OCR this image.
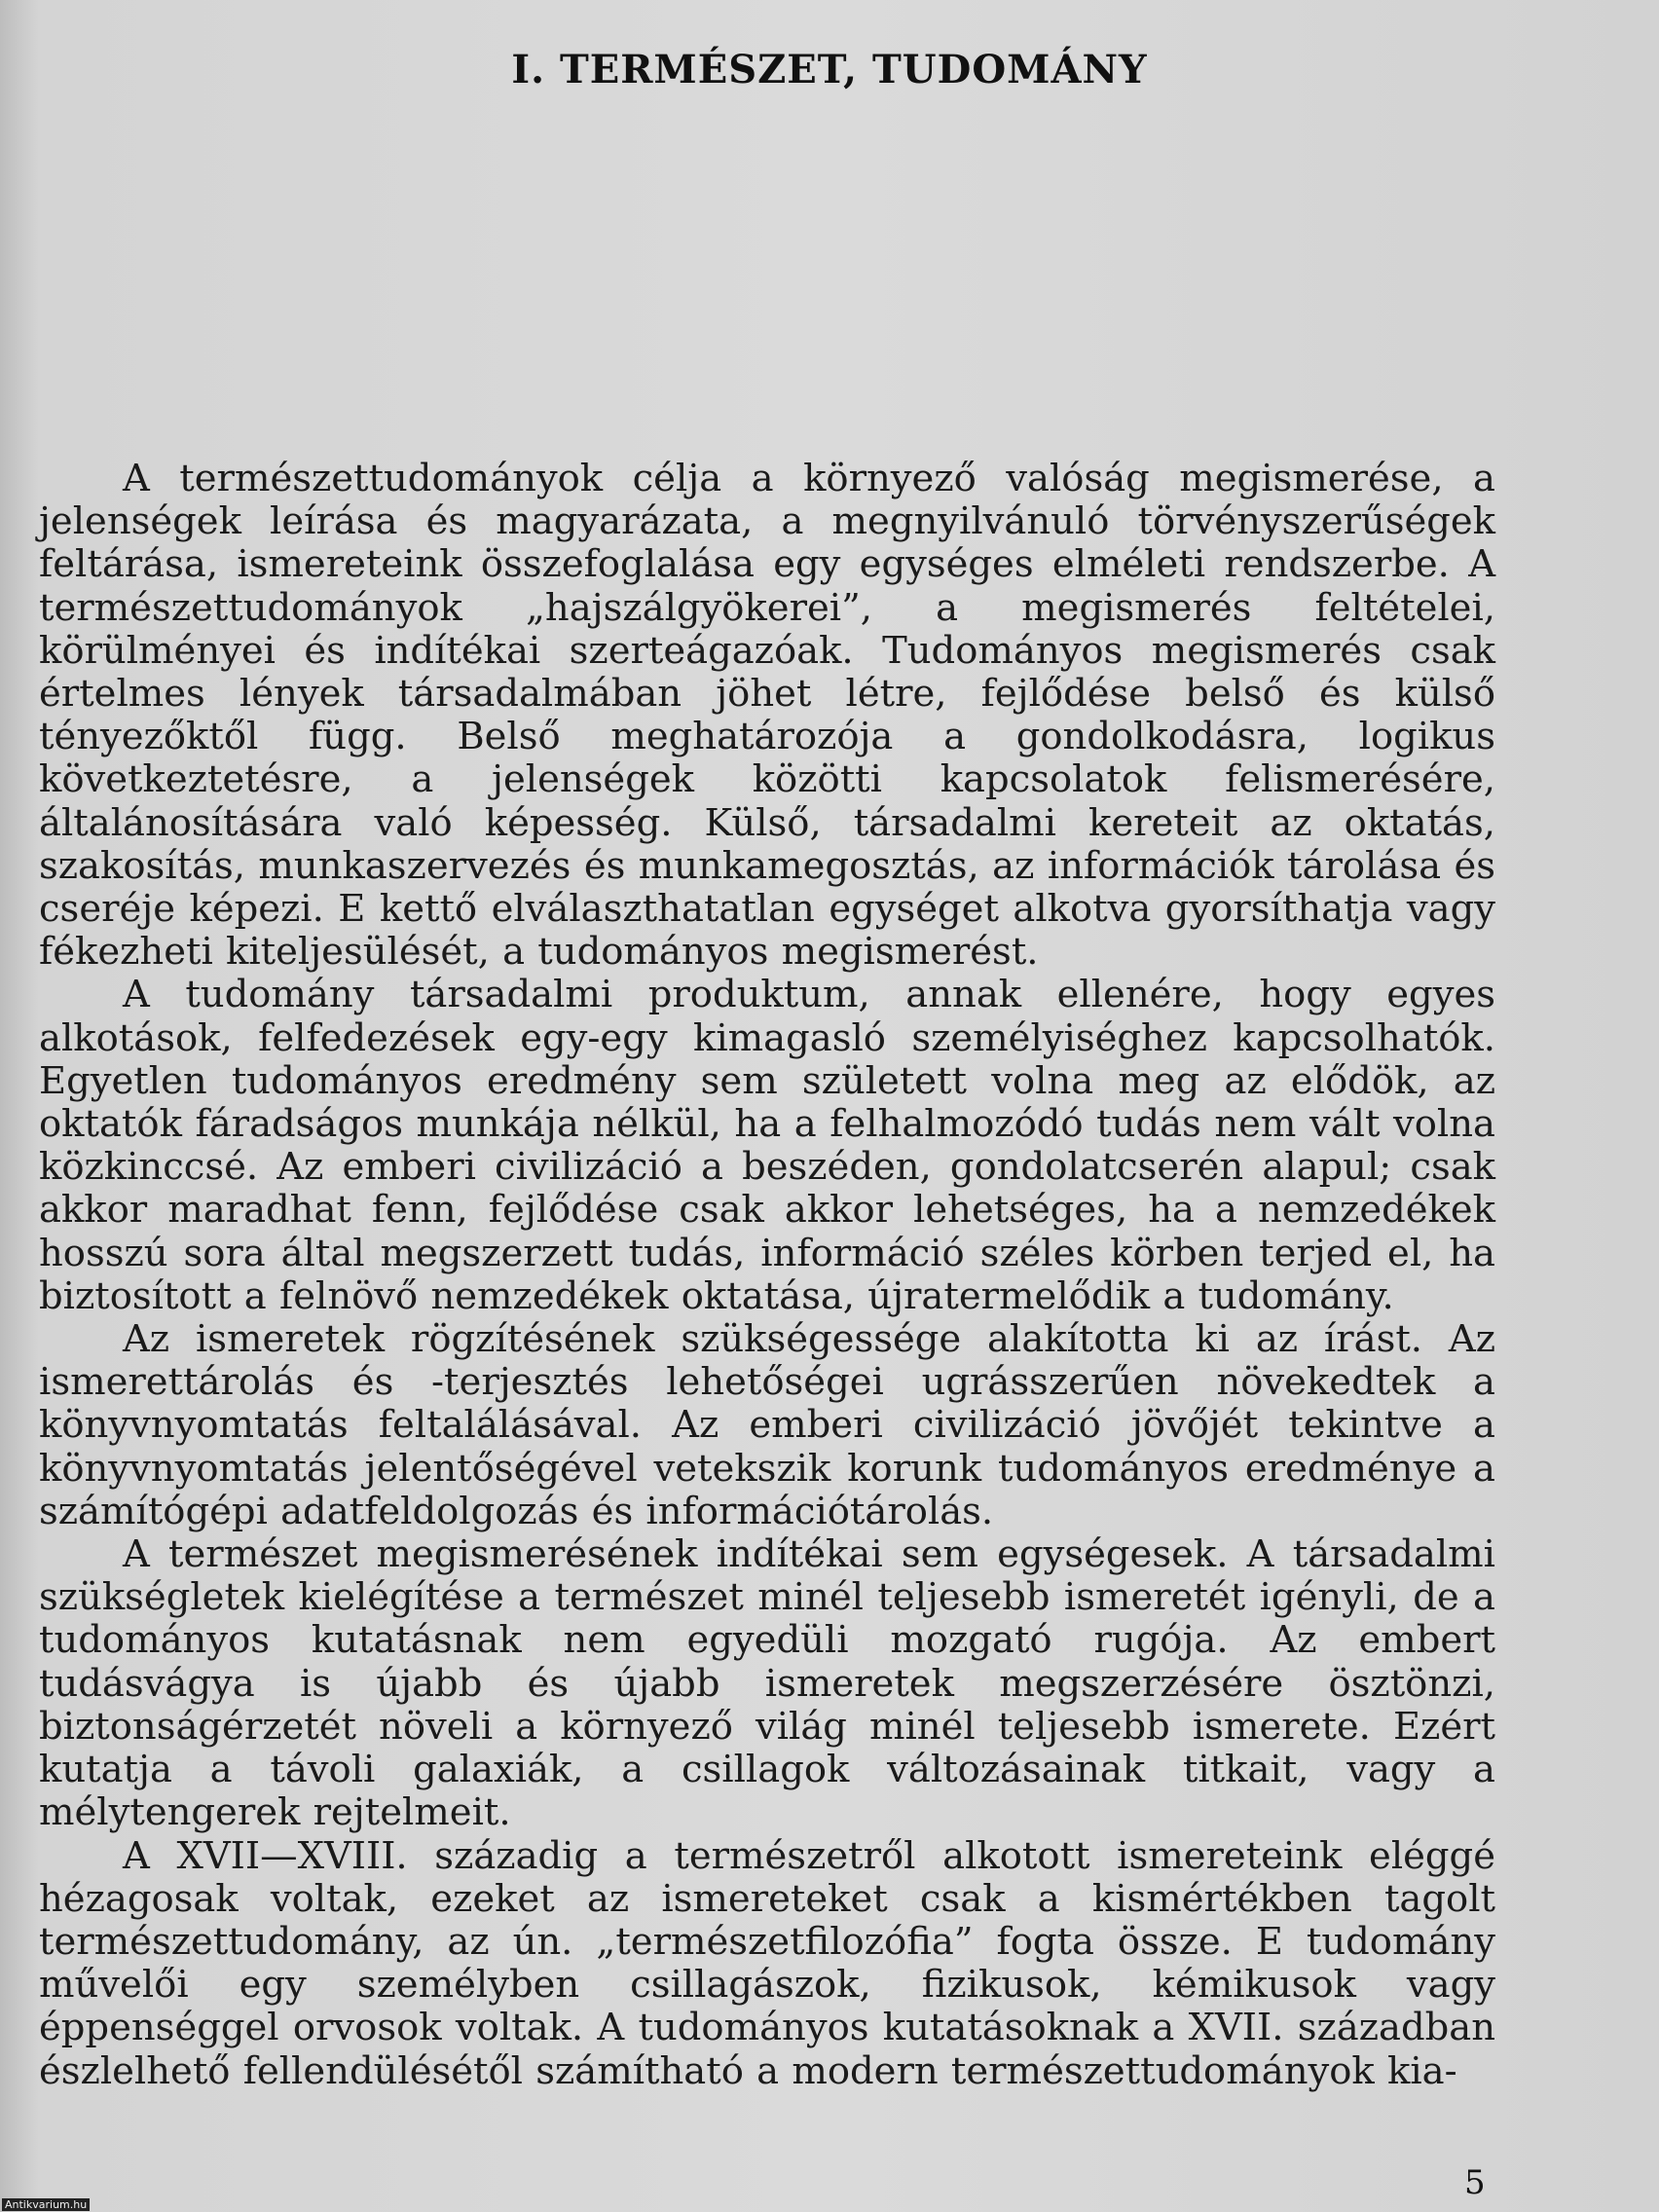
I. TERMÉSZET, TUDOMÁNY

A természettudományok célja a környező valóság megismerése, a jelenségek leírása és magyarázata, a megnyilvánuló törvényszerűségek feltárása, ismereteink összefoglalása egy egységes elméleti rendszerbe. A természettudományok „hajszálgyökerei”, a megismerés feltételei, körülményei és indítékai szerteágazóak. Tudományos megismerés csak értelmes lények társadalmában jöhet létre, fejlődése belső és külső tényezőktől függ. Belső meghatározója a gondolkodásra, logikus következtetésre, a jelenségek közötti kapcsolatok felismerésére, általánosítására való képesség. Külső, társadalmi kereteit az oktatás, szakosítás, munkaszervezés és munkamegosztás, az információk tárolása és cseréje képezi. E kettő elválaszthatatlan egységet alkotva gyorsíthatja vagy fékezheti kiteljesülését, a tudományos megismerést.

A tudomány társadalmi produktum, annak ellenére, hogy egyes alkotások, felfedezések egy-egy kimagasló személyiséghez kapcsolhatók. Egyetlen tudományos eredmény sem született volna meg az elődök, az oktatók fáradságos munkája nélkül, ha a felhalmozódó tudás nem vált volna közkinccsé. Az emberi civilizáció a beszéden, gondolatcserén alapul; csak akkor maradhat fenn, fejlődése csak akkor lehetséges, ha a nemzedékek hosszú sora által megszerzett tudás, információ széles körben terjed el, ha biztosított a felnövő nemzedékek oktatása, újratermelődik a tudomány.

Az ismeretek rögzítésének szükségessége alakította ki az írást. Az ismerettárolás és -terjesztés lehetőségei ugrásszerűen növekedtek a könyvnyomtatás feltalálásával. Az emberi civilizáció jövőjét tekintve a könyvnyomtatás jelentőségével vetekszik korunk tudományos eredménye a számítógépi adatfeldolgozás és információtárolás.

A természet megismerésének indítékai sem egységesek. A társadalmi szükségletek kielégítése a természet minél teljesebb ismeretét igényli, de a tudományos kutatásnak nem egyedüli mozgató rugója. Az embert tudásvágya is újabb és újabb ismeretek megszerzésére ösztönzi, biztonságérzetét növeli a környező világ minél teljesebb ismerete. Ezért kutatja a távoli galaxiák, a csillagok változásainak titkait, vagy a mélytengerek rejtelmeit.

A XVII—XVIII. századig a természetről alkotott ismereteink eléggé hézagosak voltak, ezeket az ismereteket csak a kismértékben tagolt természettudomány, az ún. „természetfilozófia” fogta össze. E tudomány művelői egy személyben csillagászok, fizikusok, kémikusok vagy éppenséggel orvosok voltak. A tudományos kutatásoknak a XVII. században észlelhető fellendülésétől számítható a modern természettudományok kia-

5
Antikvarium.hu
